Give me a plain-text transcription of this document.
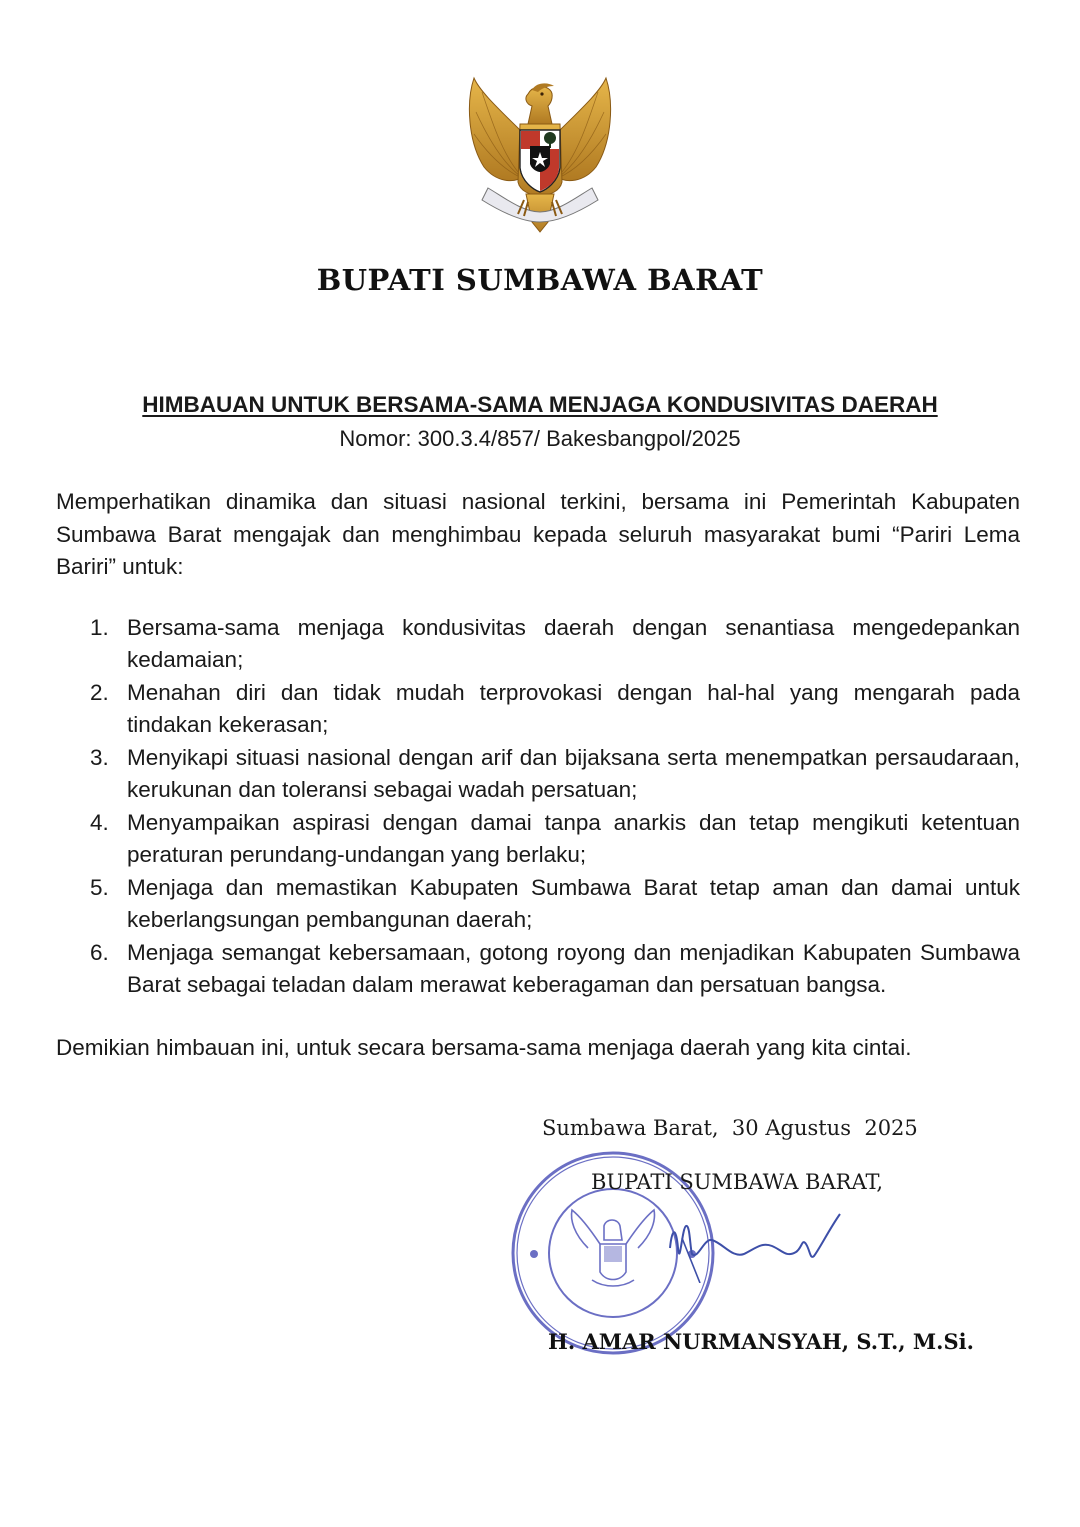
BUPATI SUMBAWA BARAT
HIMBAUAN UNTUK BERSAMA-SAMA MENJAGA KONDUSIVITAS DAERAH
Nomor: 300.3.4/857/ Bakesbangpol/2025

Memperhatikan dinamika dan situasi nasional terkini, bersama ini Pemerintah Kabupaten Sumbawa Barat mengajak dan menghimbau kepada seluruh masyarakat bumi “Pariri Lema Bariri” untuk:

1. Bersama-sama menjaga kondusivitas daerah dengan senantiasa mengedepankan kedamaian;
2. Menahan diri dan tidak mudah terprovokasi dengan hal-hal yang mengarah pada tindakan kekerasan;
3. Menyikapi situasi nasional dengan arif dan bijaksana serta menempatkan persaudaraan, kerukunan dan toleransi sebagai wadah persatuan;
4. Menyampaikan aspirasi dengan damai tanpa anarkis dan tetap mengikuti ketentuan peraturan perundang-undangan yang berlaku;
5. Menjaga dan memastikan Kabupaten Sumbawa Barat tetap aman dan damai untuk keberlangsungan pembangunan daerah;
6. Menjaga semangat kebersamaan, gotong royong dan menjadikan Kabupaten Sumbawa Barat sebagai teladan dalam merawat keberagaman dan persatuan bangsa.

Demikian himbauan ini, untuk secara bersama-sama menjaga daerah yang kita cintai.

Sumbawa Barat,  30 Agustus  2025
BUPATI SUMBAWA BARAT,
H. AMAR NURMANSYAH, S.T., M.Si.
